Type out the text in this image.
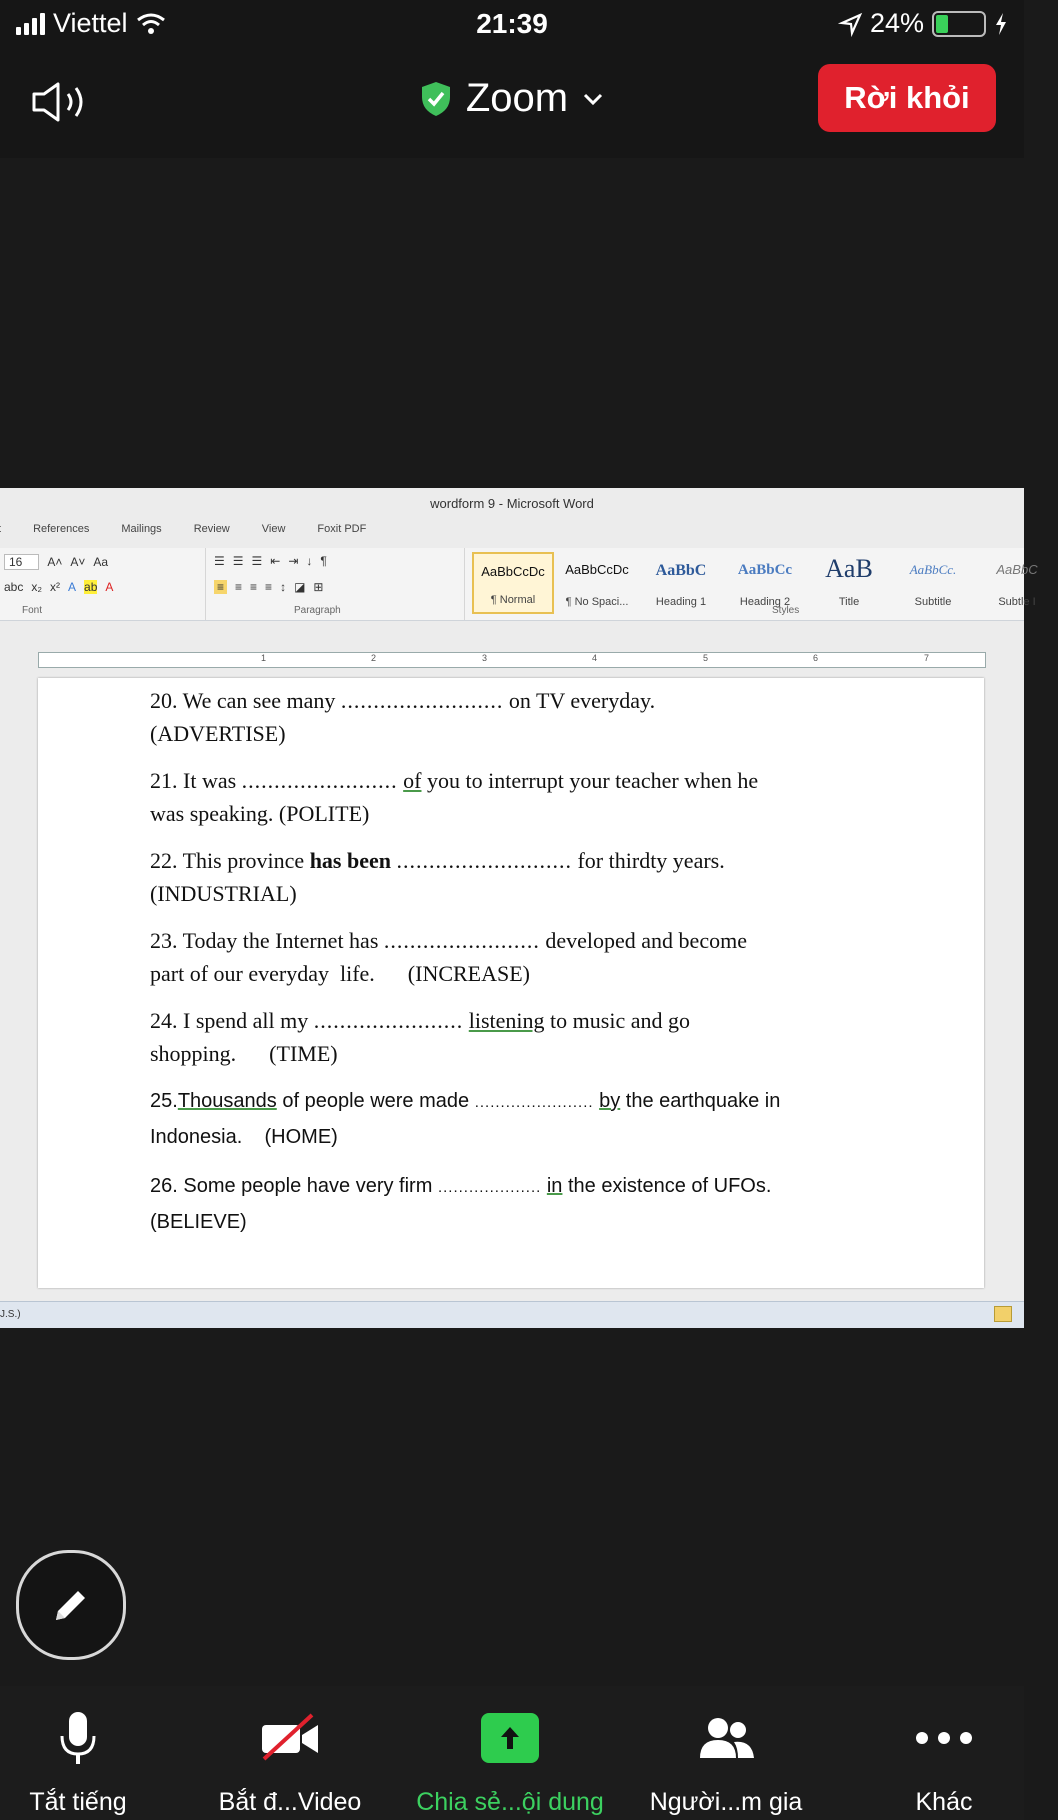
Viettel	21:39	24%
Zoom	Rời khỏi
wordform 9 - Microsoft Word
References	Mailings	Review	View	Foxit PDF
16	A˄ A˅ Aa
abc x₂ x² A ab A
Font
☰ ☰ ☰ ⇤ ⇥ ↓ ¶
≡ ≡ ≡ ≡ ↕ ◪ ⊞
Paragraph
AaBbCcDc
¶ Normal
AaBbCcDc
¶ No Spaci...
AaBbC
Heading 1
AaBbCc
Heading 2
AaB
Title
AaBbCc.
Subtitle
AaBbC
Subtle I
Styles
1	2	3	4	5	6	7
20. We can see many ......................... on TV everyday.
(ADVERTISE)
21. It was ........................ of you to interrupt your teacher when he
was speaking. (POLITE)
22. This province has been ........................... for thirdty years.
(INDUSTRIAL)
23. Today the Internet has ........................ developed and become
part of our everyday  life.      (INCREASE)
24. I spend all my ....................... listening to music and go
shopping.      (TIME)
25.Thousands of people were made ....................... by the earthquake in
Indonesia.    (HOME)
26. Some people have very firm .................... in the existence of UFOs.
(BELIEVE)
J.S.)
Tắt tiếng	Bắt đ...Video	Chia sẻ...ội dung	Người...m gia	Khác
